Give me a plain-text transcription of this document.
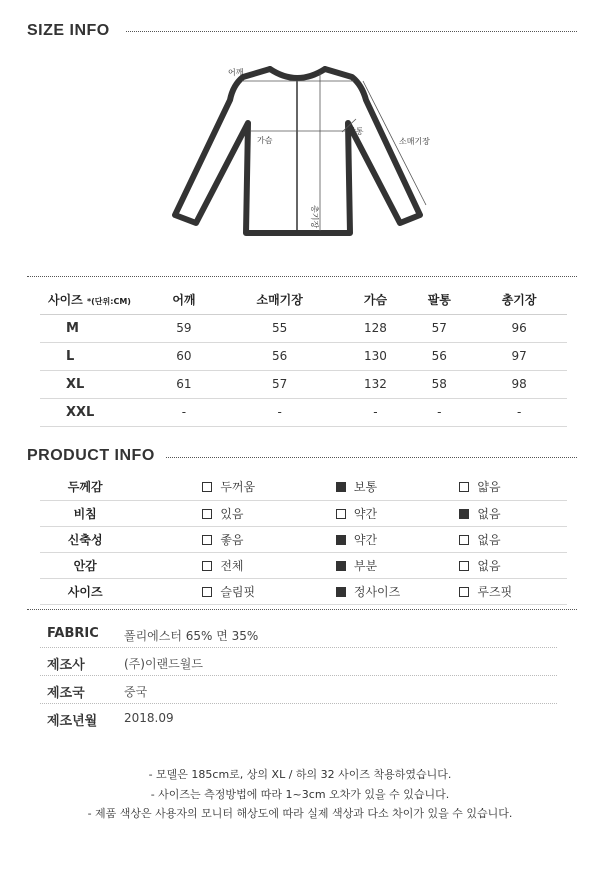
SIZE INFO
어깨
가슴
팔통
소매기장
총기장
사이즈 *(단위:CM)	어깨	소매기장	가슴	팔통	총기장
M	59	55	128	57	96
L	60	56	130	56	97
XL	61	57	132	58	98
XXL	-	-	-	-	-
PRODUCT INFO
두께감	두꺼움	보통	얇음
비침	있음	약간	없음
신축성	좋음	약간	없음
안감	전체	부분	없음
사이즈	슬림핏	정사이즈	루즈핏
FABRIC 폴리에스터 65% 면 35%
제조사	(주)이랜드월드
제조국	중국
제조년월 2018.09
- 모델은 185cm로, 상의 XL / 하의 32 사이즈 착용하였습니다.
- 사이즈는 측정방법에 따라 1~3cm 오차가 있을 수 있습니다.
- 제품 색상은 사용자의 모니터 해상도에 따라 실제 색상과 다소 차이가 있을 수 있습니다.
